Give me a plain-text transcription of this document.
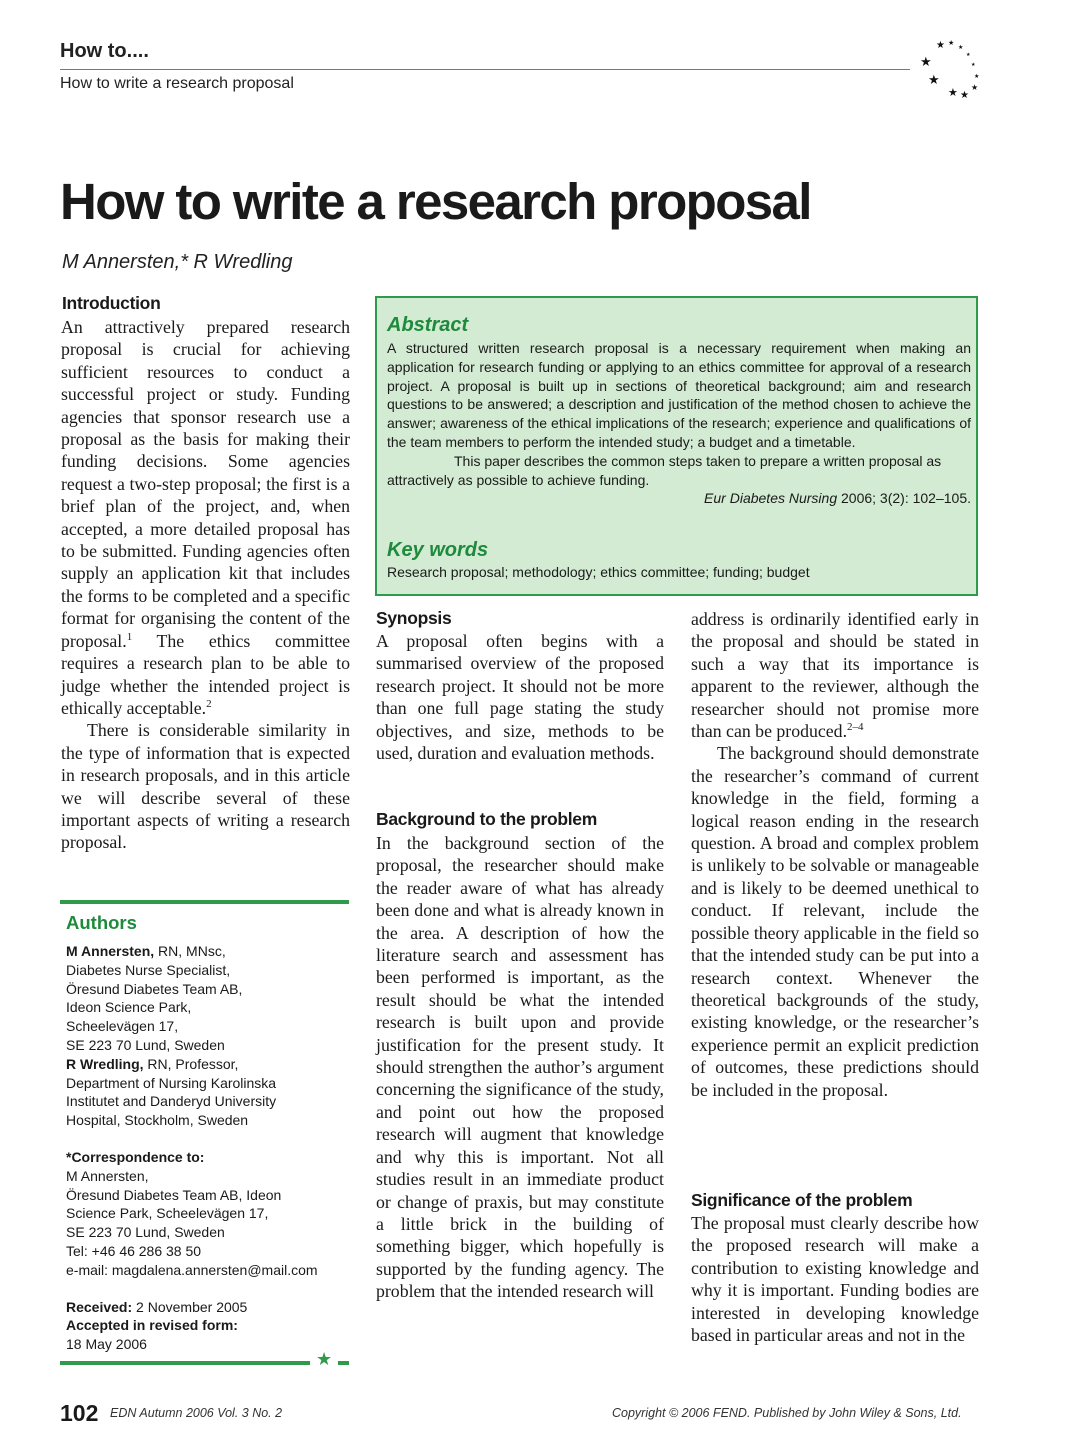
How to....
How to write a research proposal
★ ★
★
★
★
★
★
★
★
★
★
How to write a research proposal
M Annersten,* R Wredling
Introduction

An attractively prepared research proposal is crucial for achieving sufficient resources to conduct a successful project or study. Funding agencies that sponsor research use a proposal as the basis for making their funding decisions. Some agencies request a two-step proposal; the first is a brief plan of the project, and, when accepted, a more detailed proposal has to be submitted. Funding agencies often supply an application kit that includes the forms to be completed and a specific format for organising the content of the proposal.$^1$ The ethics committee requires a research plan to be able to judge whether the intended project is ethically acceptable.$^2$

There is considerable similarity in the type of information that is expected in research proposals, and in this article we will describe several of these important aspects of writing a research proposal.

Abstract

A structured written research proposal is a necessary requirement when making an application for research funding or applying to an ethics committee for approval of a research project. A proposal is built up in sections of theoretical background; aim and research questions to be answered; a description and justification of the method chosen to achieve the answer; awareness of the ethical implications of the research; experience and qualifications of the team members to perform the intended study; a budget and a timetable.

This paper describes the common steps taken to prepare a written proposal as attractively as possible to achieve funding.

Eur Diabetes Nursing 2006; 3(2): 102–105.

Key words
Research proposal; methodology; ethics committee; funding; budget
Authors
M Annersten, RN, MNsc,
Diabetes Nurse Specialist,
Öresund Diabetes Team AB,
Ideon Science Park,
Scheelevägen 17,
SE 223 70 Lund, Sweden
R Wredling, RN, Professor,
Department of Nursing Karolinska
Institutet and Danderyd University
Hospital, Stockholm, Sweden
*Correspondence to:
M Annersten,
Öresund Diabetes Team AB, Ideon
Science Park, Scheelevägen 17,
SE 223 70 Lund, Sweden
Tel: +46 46 286 38 50
e-mail: magdalena.annersten@mail.com
Received: 2 November 2005
Accepted in revised form:
18 May 2006
★
Synopsis

A proposal often begins with a summarised overview of the proposed research project. It should not be more than one full page stating the study objectives, and size, methods to be used, duration and evaluation methods.

Background to the problem

In the background section of the proposal, the researcher should make the reader aware of what has already been done and what is already known in the area. A description of how the literature search and assessment has been performed is important, as the result should be what the intended research is built upon and provide justification for the present study. It should strengthen the author’s argument concerning the significance of the study, and point out how the proposed research will augment that knowledge and why this is important. Not all studies result in an immediate product or change of praxis, but may constitute a little brick in the building of something bigger, which hopefully is supported by the funding agency. The problem that the intended research will

address is ordinarily identified early in the proposal and should be stated in such a way that its importance is apparent to the reviewer, although the researcher should not promise more than can be produced.$^{2-4}$

The background should demonstrate the researcher’s command of current knowledge in the field, forming a logical reason ending in the research question. A broad and complex problem is unlikely to be solvable or manageable and is likely to be deemed unethical to conduct. If relevant, include the possible theory applicable in the field so that the intended study can be put into a research context. Whenever the theoretical backgrounds of the study, existing knowledge, or the researcher’s experience permit an explicit prediction of outcomes, these predictions should be included in the proposal.

Significance of the problem

The proposal must clearly describe how the proposed research will make a contribution to existing knowledge and why it is important. Funding bodies are interested in developing knowledge based in particular areas and not in the

102 EDN Autumn 2006 Vol. 3 No. 2	Copyright © 2006 FEND. Published by John Wiley & Sons, Ltd.
